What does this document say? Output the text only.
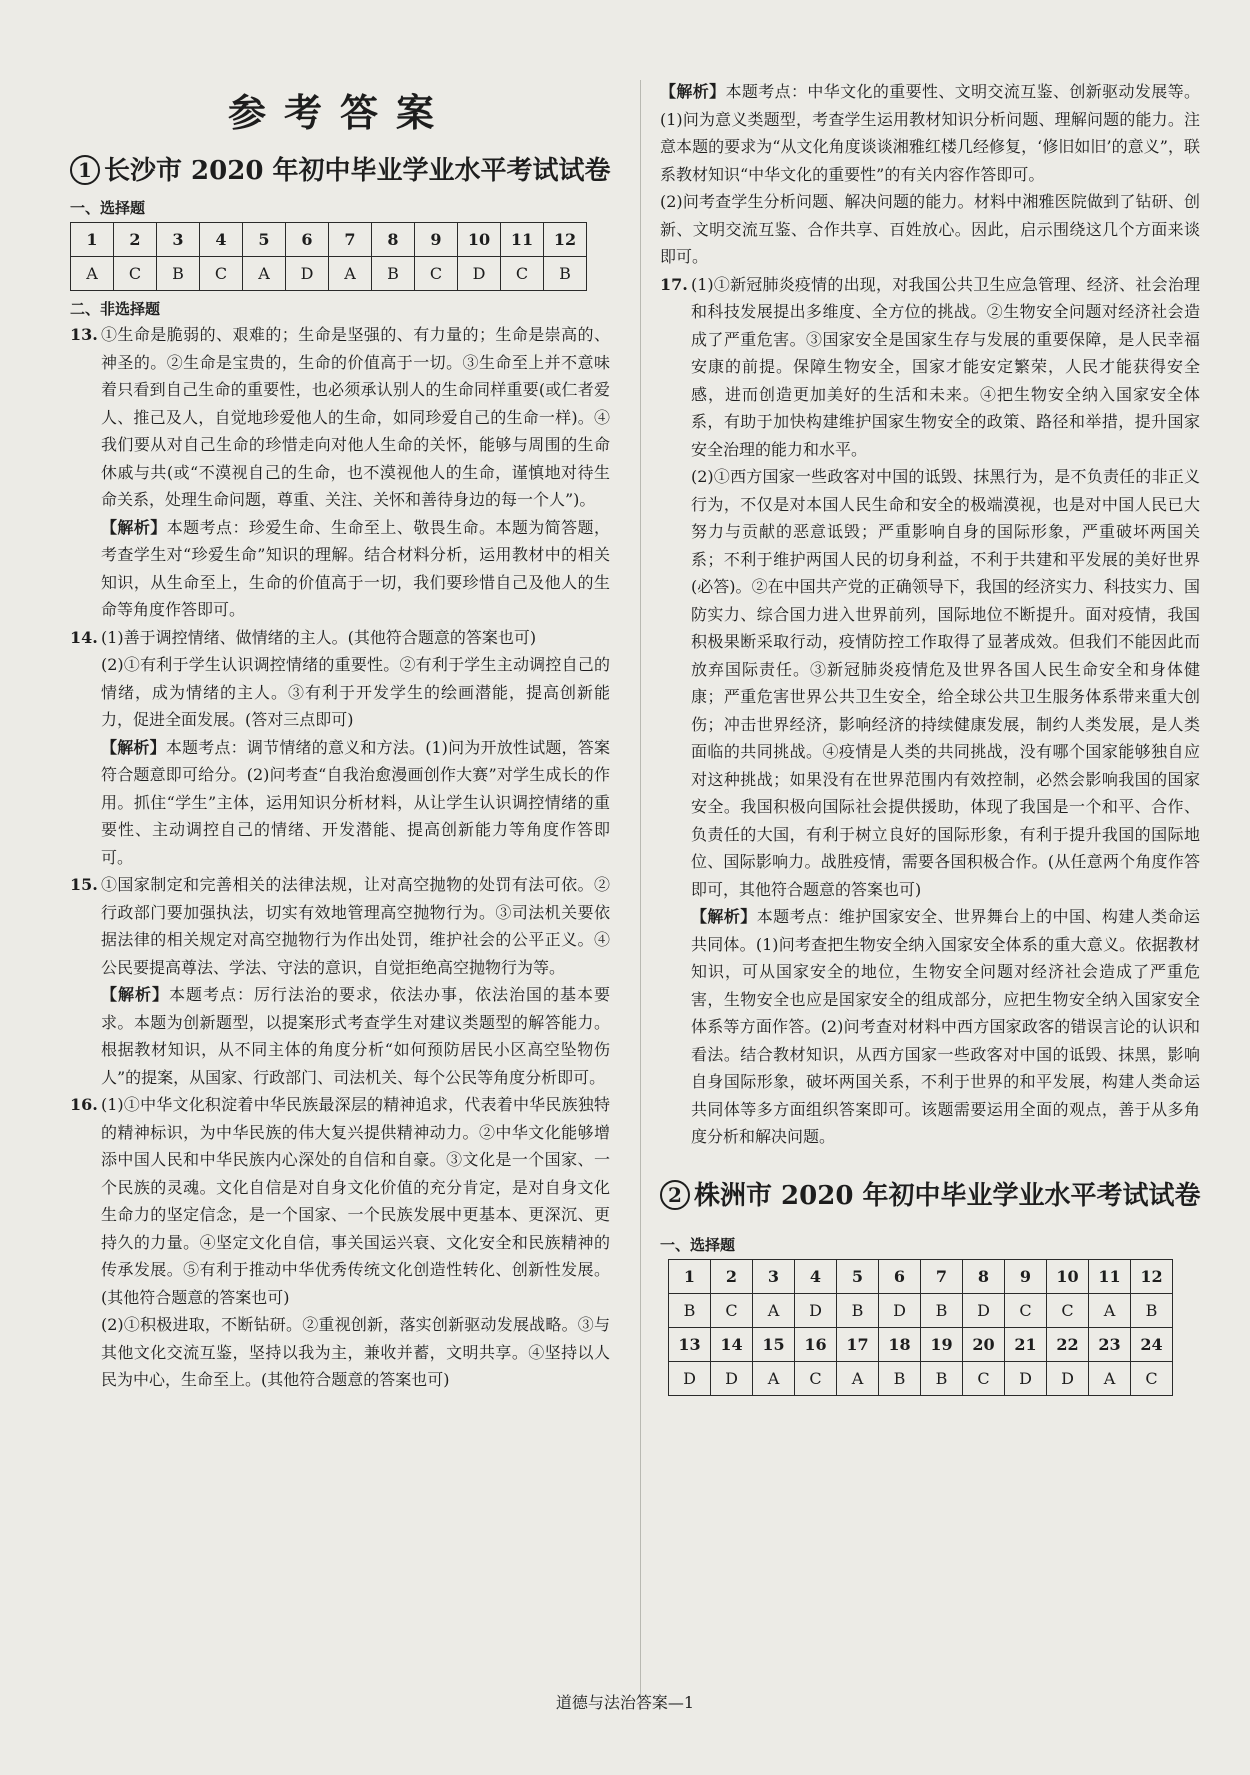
参考答案
1 长沙市 2020 年初中毕业学业水平考试试卷
一、选择题
1	2	3	4	5	6	7	8	9	10	11	12
A	C	B	C	A	D	A	B	C	D	C	B
二、非选择题
13. ①生命是脆弱的、艰难的；生命是坚强的、有力量的；生命是崇高的、神圣的。②生命是宝贵的，生命的价值高于一切。③生命至上并不意味着只看到自己生命的重要性，也必须承认别人的生命同样重要(或仁者爱人、推己及人，自觉地珍爱他人的生命，如同珍爱自己的生命一样)。④我们要从对自己生命的珍惜走向对他人生命的关怀，能够与周围的生命休戚与共(或“不漠视自己的生命，也不漠视他人的生命，谨慎地对待生命关系，处理生命问题，尊重、关注、关怀和善待身边的每一个人”)。

【解析】本题考点：珍爱生命、生命至上、敬畏生命。本题为简答题，考查学生对“珍爱生命”知识的理解。结合材料分析，运用教材中的相关知识，从生命至上，生命的价值高于一切，我们要珍惜自己及他人的生命等角度作答即可。

14. (1)善于调控情绪、做情绪的主人。(其他符合题意的答案也可)

(2)①有利于学生认识调控情绪的重要性。②有利于学生主动调控自己的情绪，成为情绪的主人。③有利于开发学生的绘画潜能，提高创新能力，促进全面发展。(答对三点即可)

【解析】本题考点：调节情绪的意义和方法。(1)问为开放性试题，答案符合题意即可给分。(2)问考查“自我治愈漫画创作大赛”对学生成长的作用。抓住“学生”主体，运用知识分析材料，从让学生认识调控情绪的重要性、主动调控自己的情绪、开发潜能、提高创新能力等角度作答即可。

15. ①国家制定和完善相关的法律法规，让对高空抛物的处罚有法可依。②行政部门要加强执法，切实有效地管理高空抛物行为。③司法机关要依据法律的相关规定对高空抛物行为作出处罚，维护社会的公平正义。④公民要提高尊法、学法、守法的意识，自觉拒绝高空抛物行为等。

【解析】本题考点：厉行法治的要求，依法办事，依法治国的基本要求。本题为创新题型，以提案形式考查学生对建议类题型的解答能力。根据教材知识，从不同主体的角度分析“如何预防居民小区高空坠物伤人”的提案，从国家、行政部门、司法机关、每个公民等角度分析即可。

16. (1)①中华文化积淀着中华民族最深层的精神追求，代表着中华民族独特的精神标识，为中华民族的伟大复兴提供精神动力。②中华文化能够增添中国人民和中华民族内心深处的自信和自豪。③文化是一个国家、一个民族的灵魂。文化自信是对自身文化价值的充分肯定，是对自身文化生命力的坚定信念，是一个国家、一个民族发展中更基本、更深沉、更持久的力量。④坚定文化自信，事关国运兴衰、文化安全和民族精神的传承发展。⑤有利于推动中华优秀传统文化创造性转化、创新性发展。(其他符合题意的答案也可)

(2)①积极进取，不断钻研。②重视创新，落实创新驱动发展战略。③与其他文化交流互鉴，坚持以我为主，兼收并蓄，文明共享。④坚持以人民为中心，生命至上。(其他符合题意的答案也可)

【解析】本题考点：中华文化的重要性、文明交流互鉴、创新驱动发展等。(1)问为意义类题型，考查学生运用教材知识分析问题、理解问题的能力。注意本题的要求为“从文化角度谈谈湘雅红楼几经修复，‘修旧如旧’的意义”，联系教材知识“中华文化的重要性”的有关内容作答即可。

(2)问考查学生分析问题、解决问题的能力。材料中湘雅医院做到了钻研、创新、文明交流互鉴、合作共享、百姓放心。因此，启示围绕这几个方面来谈即可。

17. (1)①新冠肺炎疫情的出现，对我国公共卫生应急管理、经济、社会治理和科技发展提出多维度、全方位的挑战。②生物安全问题对经济社会造成了严重危害。③国家安全是国家生存与发展的重要保障，是人民幸福安康的前提。保障生物安全，国家才能安定繁荣，人民才能获得安全感，进而创造更加美好的生活和未来。④把生物安全纳入国家安全体系，有助于加快构建维护国家生物安全的政策、路径和举措，提升国家安全治理的能力和水平。

(2)①西方国家一些政客对中国的诋毁、抹黑行为，是不负责任的非正义行为，不仅是对本国人民生命和安全的极端漠视，也是对中国人民已大努力与贡献的恶意诋毁；严重影响自身的国际形象，严重破坏两国关系；不利于维护两国人民的切身利益，不利于共建和平发展的美好世界(必答)。②在中国共产党的正确领导下，我国的经济实力、科技实力、国防实力、综合国力进入世界前列，国际地位不断提升。面对疫情，我国积极果断采取行动，疫情防控工作取得了显著成效。但我们不能因此而放弃国际责任。③新冠肺炎疫情危及世界各国人民生命安全和身体健康；严重危害世界公共卫生安全，给全球公共卫生服务体系带来重大创伤；冲击世界经济，影响经济的持续健康发展，制约人类发展，是人类面临的共同挑战。④疫情是人类的共同挑战，没有哪个国家能够独自应对这种挑战；如果没有在世界范围内有效控制，必然会影响我国的国家安全。我国积极向国际社会提供援助，体现了我国是一个和平、合作、负责任的大国，有利于树立良好的国际形象，有利于提升我国的国际地位、国际影响力。战胜疫情，需要各国积极合作。(从任意两个角度作答即可，其他符合题意的答案也可)

【解析】本题考点：维护国家安全、世界舞台上的中国、构建人类命运共同体。(1)问考查把生物安全纳入国家安全体系的重大意义。依据教材知识，可从国家安全的地位，生物安全问题对经济社会造成了严重危害，生物安全也应是国家安全的组成部分，应把生物安全纳入国家安全体系等方面作答。(2)问考查对材料中西方国家政客的错误言论的认识和看法。结合教材知识，从西方国家一些政客对中国的诋毁、抹黑，影响自身国际形象，破坏两国关系，不利于世界的和平发展，构建人类命运共同体等多方面组织答案即可。该题需要运用全面的观点，善于从多角度分析和解决问题。

2 株洲市 2020 年初中毕业学业水平考试试卷
一、选择题
1	2	3	4	5	6	7	8	9	10	11	12
B	C	A	D	B	D	B	D	C	C	A	B
13	14	15	16	17	18	19	20	21	22	23	24
D	D	A	C	A	B	B	C	D	D	A	C
道德与法治答案—1
